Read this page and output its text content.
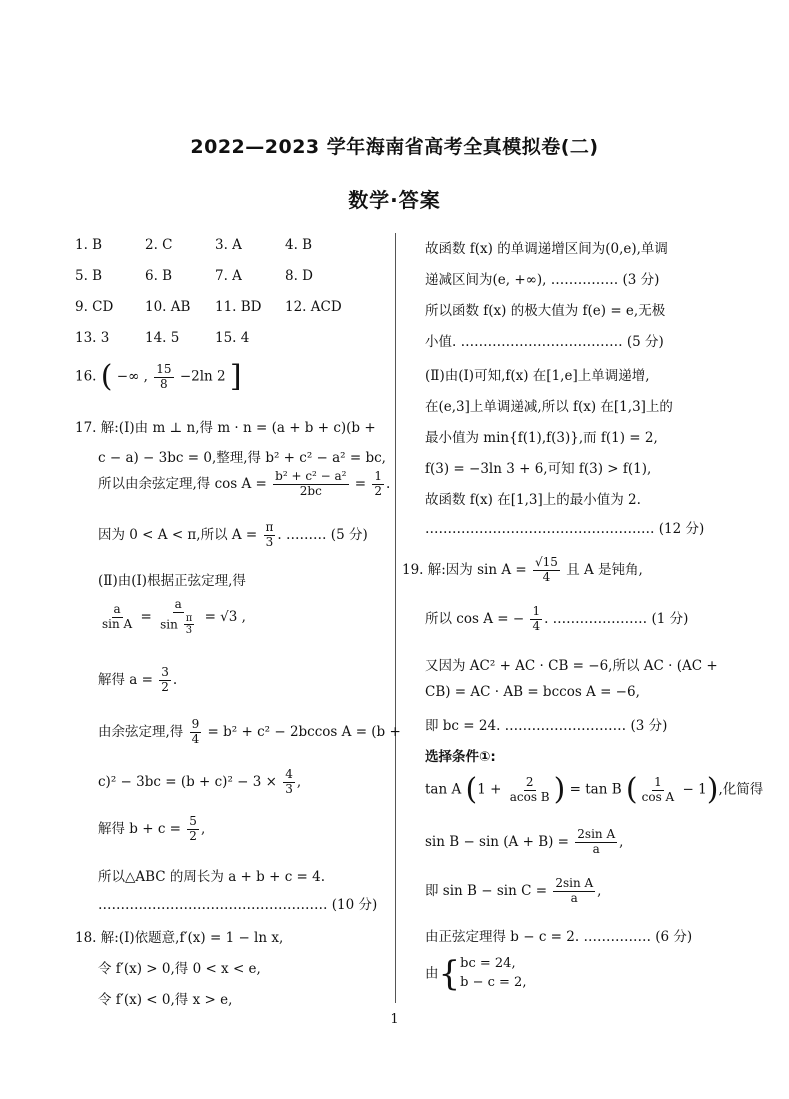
2022—2023 学年海南省高考全真模拟卷(二)
数学·答案
1. B	2. C	3. A	4. B
5. B	6. B	7. A	8. D
9. CD 10. AB 11. BD 12. ACD
13. 3	14. 5	15. 4
16. ( −∞ , $\frac{15}{8} -2\ln$ 2 ]
17. 解:(Ⅰ)由 m ⊥ n,得 m · n = (a + b + c)(b +
c − a) − 3bc = 0,整理,得 b² + c² − a² = bc,
所以由余弦定理,得 $\cos A = \frac{\text{b² + c² − a²}}{2bc} = \frac{1}{2}$ .
因为 0 < A < π,所以 $A = \frac{\pi}{3}$ . ……… (5 分)
(Ⅱ)由(Ⅰ)根据正弦定理,得
$\frac{a}{\text{sin A}} = \frac{a}{\sin \frac{\pi}{3}} = √3$ ,
解得 $a = \frac{3}{2}$ .
由余弦定理,得 $\frac{9}{4} = b^2 + c^2 - 2bccos$ A = (b +
$c)^2 - 3bc = (b + c)^2 - 3 \times \frac{4}{3}$ ,
解得 $b + c = \frac{5}{2}$ ,
所以△ABC 的周长为 a + b + c = 4.
…………………………………………… (10 分)
18. 解:(Ⅰ)依题意,f′(x) = 1 − ln x,
令 f′(x) > 0,得 0 < x < e,
令 f′(x) < 0,得 x > e,
故函数 f(x) 的单调递增区间为(0,e),单调
递减区间为(e, +∞), …………… (3 分)
所以函数 f(x) 的极大值为 f(e) = e,无极
小值. ……………………………… (5 分)
(Ⅱ)由(Ⅰ)可知,f(x) 在[1,e]上单调递增,
在(e,3]上单调递减,所以 f(x) 在[1,3]上的
最小值为 min{f(1),f(3)},而 f(1) = 2,
f(3) = −3ln 3 + 6,可知 f(3) > f(1),
故函数 f(x) 在[1,3]上的最小值为 2.
…………………………………………… (12 分)
19. 解:因为 $\sin A = \frac{√15}{4}$ 且 A 是钝角,
所以 cos A = − $\frac{1}{4}$ . ………………… (1 分)
又因为 AC² + AC · CB = −6,所以 AC · (AC +
CB) = AC · AB = bccos A = −6,
即 bc = 24. ……………………… (3 分)
选择条件①:
tan A ($1 + \frac{2}{\text{acos B}}$ ) = tan B ( $\frac{1}{\text{cos A}} - 1$),化简得
$\sin B - \sin (A + B) = \frac{\text{2sin A}}{a}$ ,
即 $\sin B - \sin C = \frac{\text{2sin A}}{a}$ ,
由正弦定理得 b − c = 2. …………… (6 分)
由{ bc = 24,
b − c = 2,
1
